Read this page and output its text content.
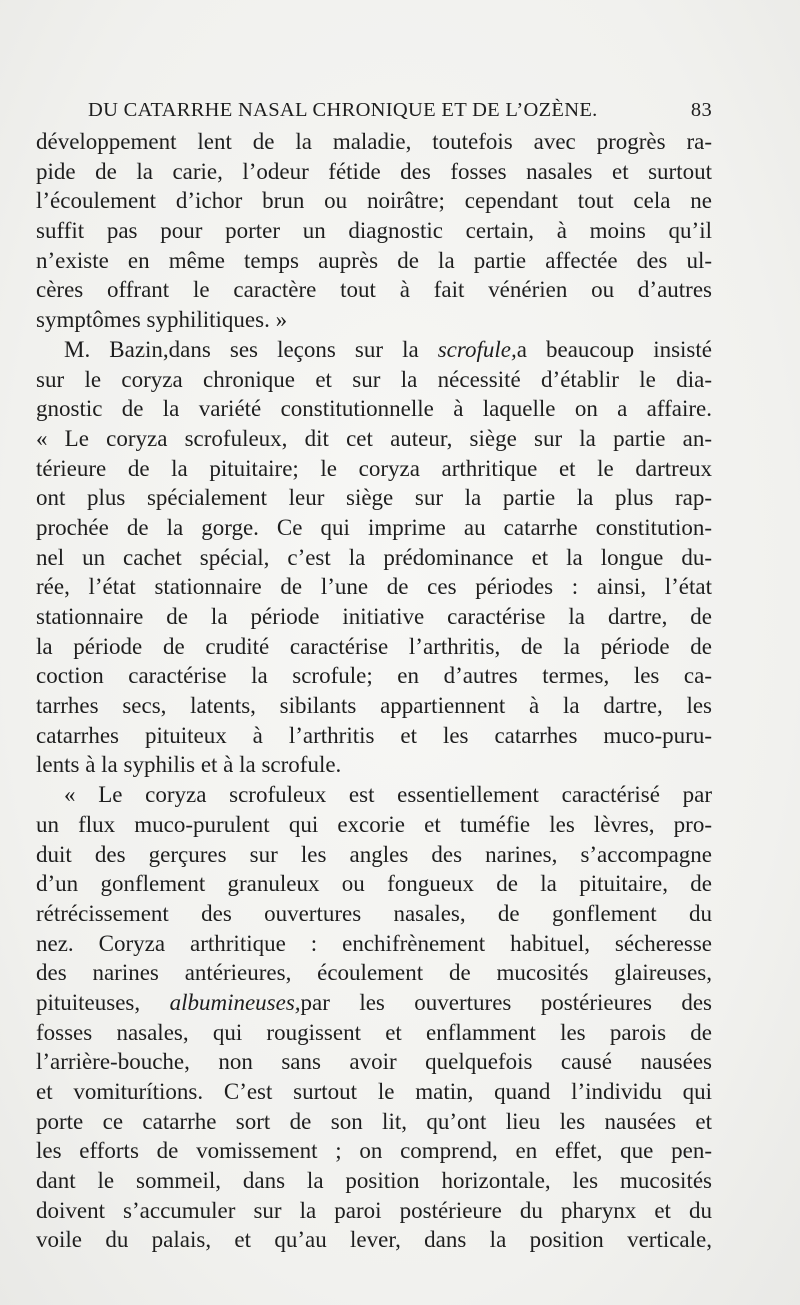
DU CATARRHE NASAL CHRONIQUE ET DE L’OZÈNE.	83
développement lent de la maladie, toutefois avec progrès ra-
pide de la carie, l’odeur fétide des fosses nasales et surtout
l’écoulement d’ichor brun ou noirâtre; cependant tout cela ne
suffit pas pour porter un diagnostic certain, à moins qu’il
n’existe en même temps auprès de la partie affectée des ul-
cères offrant le caractère tout à fait vénérien ou d’autres
symptômes syphilitiques. »
M. Bazin,dans ses leçons sur la scrofule,a beaucoup insisté
sur le coryza chronique et sur la nécessité d’établir le dia-
gnostic de la variété constitutionnelle à laquelle on a affaire.
« Le coryza scrofuleux, dit cet auteur, siège sur la partie an-
térieure de la pituitaire; le coryza arthritique et le dartreux
ont plus spécialement leur siège sur la partie la plus rap-
prochée de la gorge. Ce qui imprime au catarrhe constitution-
nel un cachet spécial, c’est la prédominance et la longue du-
rée, l’état stationnaire de l’une de ces périodes : ainsi, l’état
stationnaire de la période initiative caractérise la dartre, de
la période de crudité caractérise l’arthritis, de la période de
coction caractérise la scrofule; en d’autres termes, les ca-
tarrhes secs, latents, sibilants appartiennent à la dartre, les
catarrhes pituiteux à l’arthritis et les catarrhes muco-puru-
lents à la syphilis et à la scrofule.
« Le coryza scrofuleux est essentiellement caractérisé par
un flux muco-purulent qui excorie et tuméfie les lèvres, pro-
duit des gerçures sur les angles des narines, s’accompagne
d’un gonflement granuleux ou fongueux de la pituitaire, de
rétrécissement des ouvertures nasales, de gonflement du
nez. Coryza arthritique : enchifrènement habituel, sécheresse
des narines antérieures, écoulement de mucosités glaireuses,
pituiteuses, albumineuses,par les ouvertures postérieures des
fosses nasales, qui rougissent et enflamment les parois de
l’arrière-bouche, non sans avoir quelquefois causé nausées
et vomiturítions. C’est surtout le matin, quand l’individu qui
porte ce catarrhe sort de son lit, qu’ont lieu les nausées et
les efforts de vomissement ; on comprend, en effet, que pen-
dant le sommeil, dans la position horizontale, les mucosités
doivent s’accumuler sur la paroi postérieure du pharynx et du
voile du palais, et qu’au lever, dans la position verticale,
